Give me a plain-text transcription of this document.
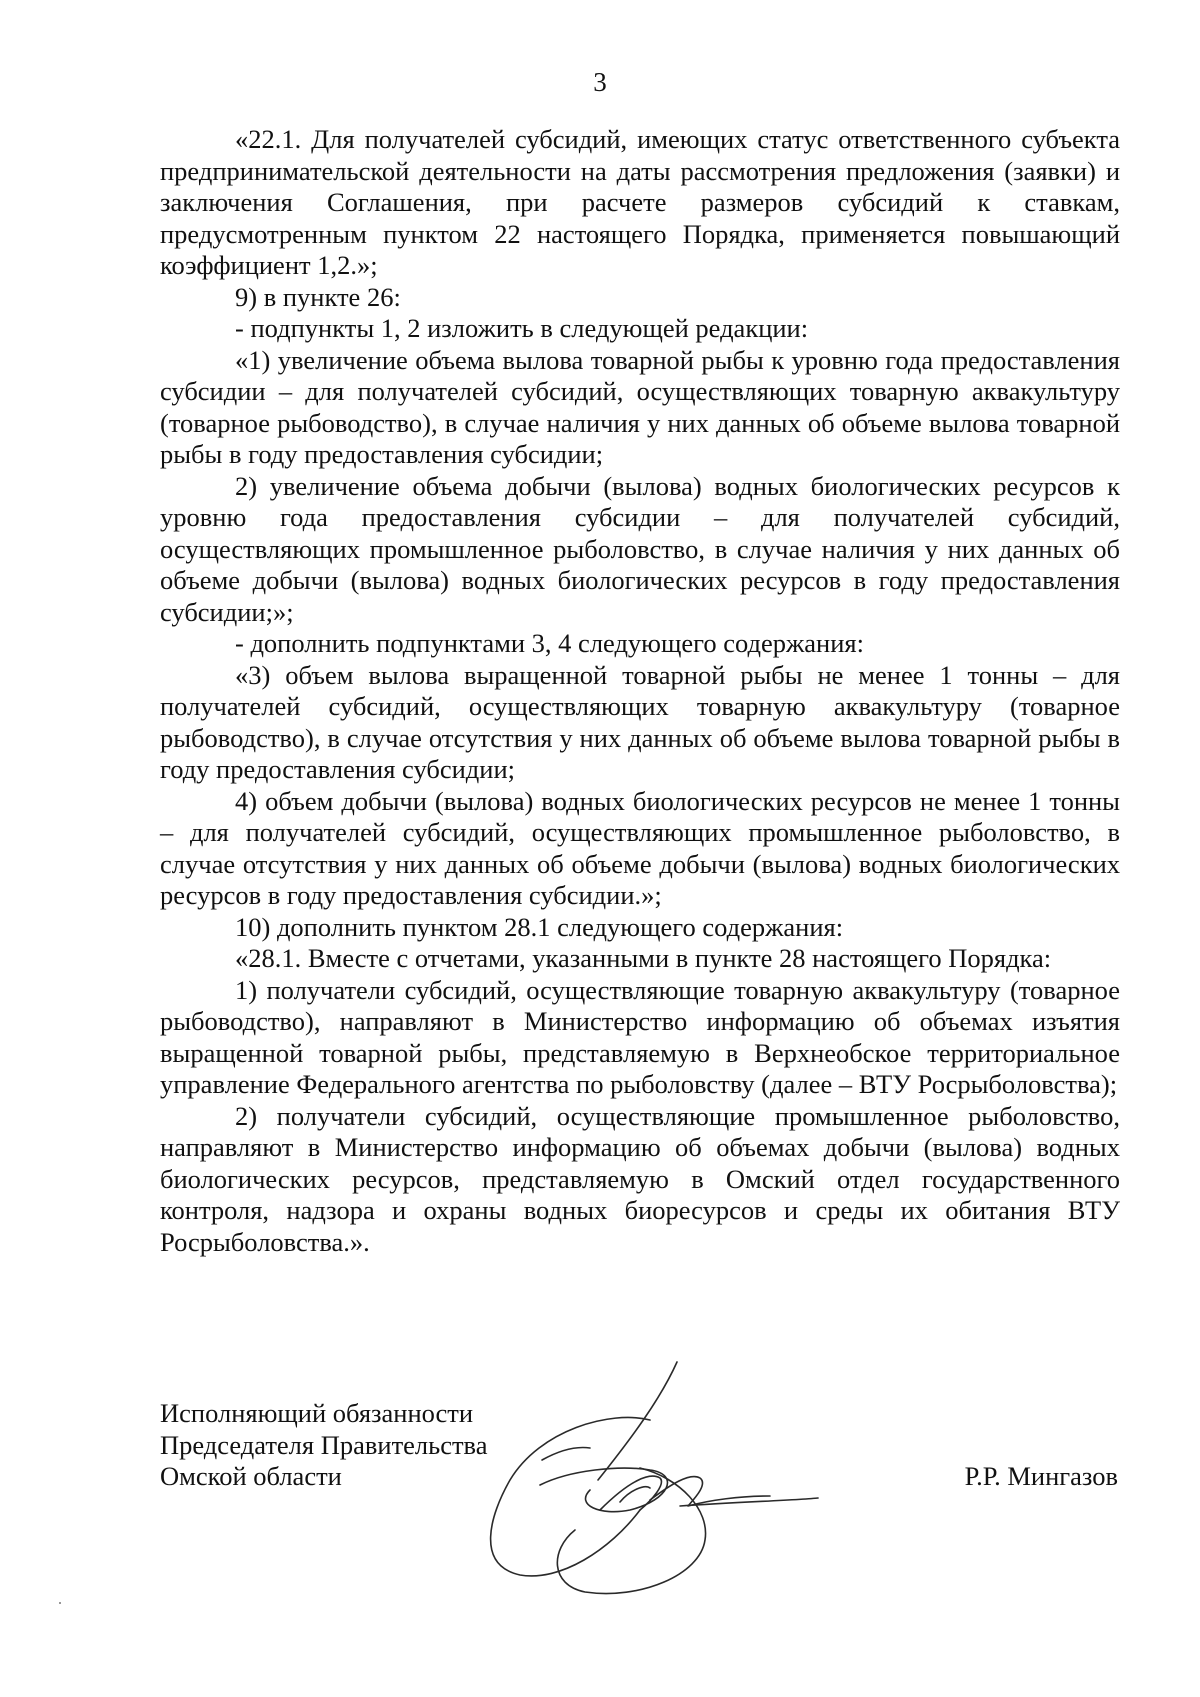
3

«22.1. Для получателей субсидий, имеющих статус ответственного субъекта предпринимательской деятельности на даты рассмотрения предложения (заявки) и заключения Соглашения, при расчете размеров субсидий к ставкам, предусмотренным пунктом 22 настоящего Порядка, применяется повышающий коэффициент 1,2.»;

9) в пункте 26:

- подпункты 1, 2 изложить в следующей редакции:

«1) увеличение объема вылова товарной рыбы к уровню года предоставления субсидии – для получателей субсидий, осуществляющих товарную аквакультуру (товарное рыбоводство), в случае наличия у них данных об объеме вылова товарной рыбы в году предоставления субсидии;

2) увеличение объема добычи (вылова) водных биологических ресурсов к уровню года предоставления субсидии – для получателей субсидий, осуществляющих промышленное рыболовство, в случае наличия у них данных об объеме добычи (вылова) водных биологических ресурсов в году предоставления субсидии;»;

- дополнить подпунктами 3, 4 следующего содержания:

«3) объем вылова выращенной товарной рыбы не менее 1 тонны – для получателей субсидий, осуществляющих товарную аквакультуру (товарное рыбоводство), в случае отсутствия у них данных об объеме вылова товарной рыбы в году предоставления субсидии;

4) объем добычи (вылова) водных биологических ресурсов не менее 1 тонны – для получателей субсидий, осуществляющих промышленное рыболовство, в случае отсутствия у них данных об объеме добычи (вылова) водных биологических ресурсов в году предоставления субсидии.»;

10) дополнить пунктом 28.1 следующего содержания:

«28.1. Вместе с отчетами, указанными в пункте 28 настоящего Порядка:

1) получатели субсидий, осуществляющие товарную аквакультуру (товарное рыбоводство), направляют в Министерство информацию об объемах изъятия выращенной товарной рыбы, представляемую в Верхнеобское территориальное управление Федерального агентства по рыболовству (далее – ВТУ Росрыболовства);

2) получатели субсидий, осуществляющие промышленное рыболовство, направляют в Министерство информацию об объемах добычи (вылова) водных биологических ресурсов, представляемую в Омский отдел государственного контроля, надзора и охраны водных биоресурсов и среды их обитания ВТУ Росрыболовства.».

Исполняющий обязанности
Председателя Правительства
Омской области	Р.Р. Мингазов
